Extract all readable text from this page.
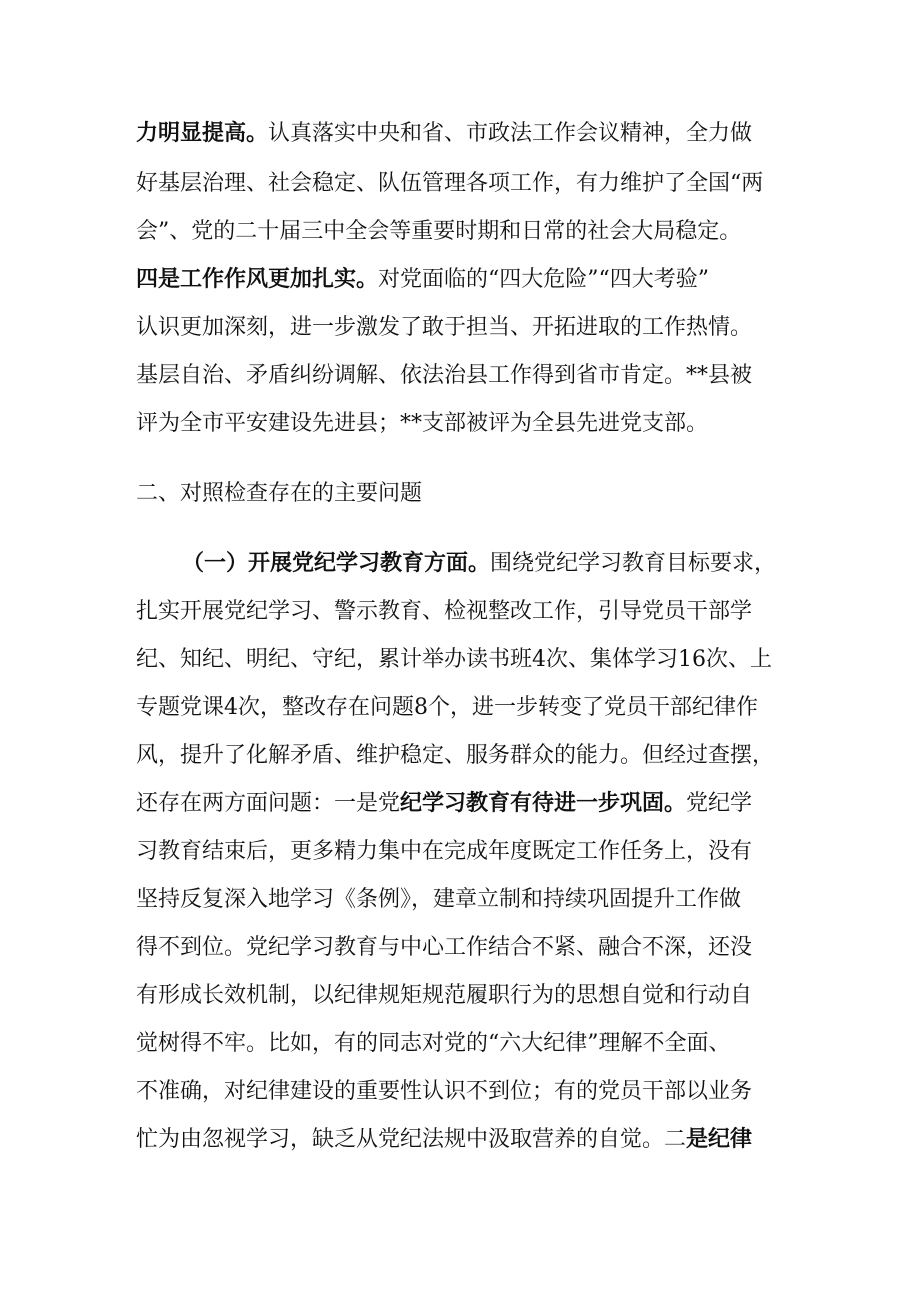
力明显提高。认真落实中央和省、市政法工作会议精神，全力做
好基层治理、社会稳定、队伍管理各项工作，有力维护了全国“两
会”、党的二十届三中全会等重要时期和日常的社会大局稳定。
四是工作作风更加扎实。对党面临的“四大危险”“四大考验”
认识更加深刻，进一步激发了敢于担当、开拓进取的工作热情。
基层自治、矛盾纠纷调解、依法治县工作得到省市肯定。**县被
评为全市平安建设先进县；**支部被评为全县先进党支部。
二、对照检查存在的主要问题
（一）开展党纪学习教育方面。围绕党纪学习教育目标要求，
扎实开展党纪学习、警示教育、检视整改工作，引导党员干部学
纪、知纪、明纪、守纪，累计举办读书班4次、集体学习16次、上
专题党课4次，整改存在问题8个，进一步转变了党员干部纪律作
风，提升了化解矛盾、维护稳定、服务群众的能力。但经过查摆，
还存在两方面问题：一是党纪学习教育有待进一步巩固。党纪学
习教育结束后，更多精力集中在完成年度既定工作任务上，没有
坚持反复深入地学习《条例》，建章立制和持续巩固提升工作做
得不到位。党纪学习教育与中心工作结合不紧、融合不深，还没
有形成长效机制，以纪律规矩规范履职行为的思想自觉和行动自
觉树得不牢。比如，有的同志对党的“六大纪律”理解不全面、
不准确，对纪律建设的重要性认识不到位；有的党员干部以业务
忙为由忽视学习，缺乏从党纪法规中汲取营养的自觉。二是纪律
